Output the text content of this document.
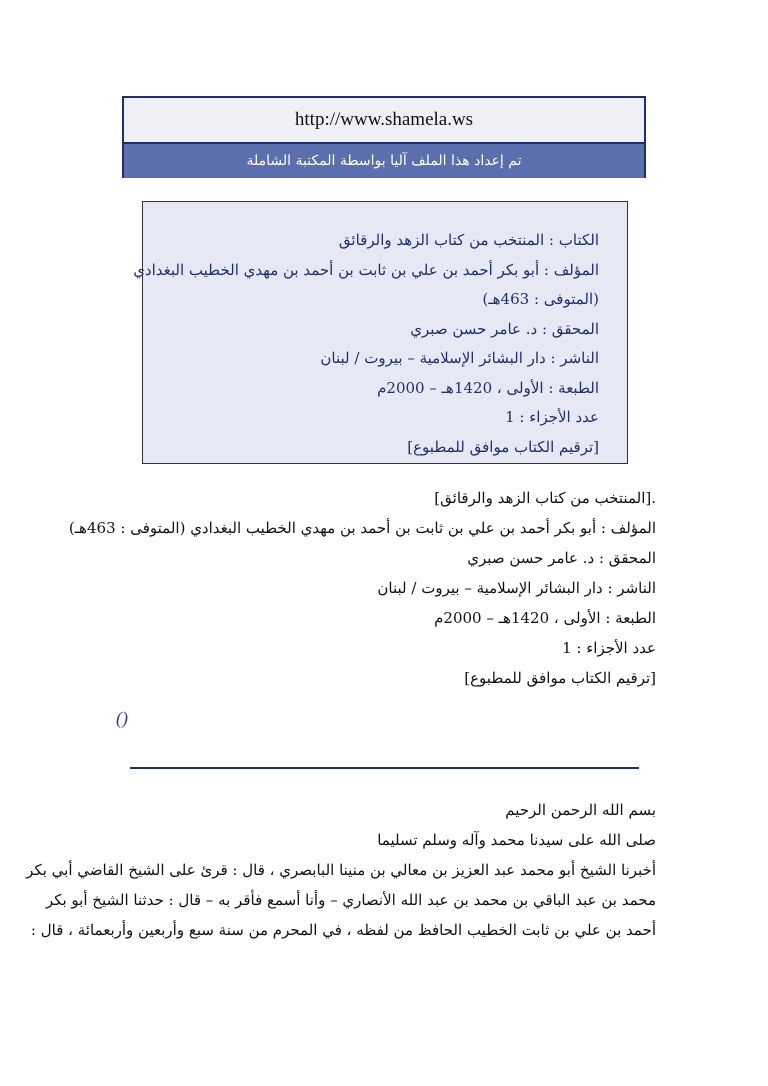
http://www.shamela.ws
تم إعداد هذا الملف آليا بواسطة المكتبة الشاملة
الكتاب : المنتخب من كتاب الزهد والرقائق
المؤلف : أبو بكر أحمد بن علي بن ثابت بن أحمد بن مهدي الخطيب البغدادي
(المتوفى : 463هـ)
المحقق : د. عامر حسن صبري
الناشر : دار البشائر الإسلامية – بيروت / لبنان
الطبعة : الأولى ، 1420هـ – 2000م
عدد الأجزاء : 1
[ترقيم الكتاب موافق للمطبوع]
.[المنتخب من كتاب الزهد والرقائق]
المؤلف : أبو بكر أحمد بن علي بن ثابت بن أحمد بن مهدي الخطيب البغدادي (المتوفى : 463هـ)
المحقق : د. عامر حسن صبري
الناشر : دار البشائر الإسلامية – بيروت / لبنان
الطبعة : الأولى ، 1420هـ – 2000م
عدد الأجزاء : 1
[ترقيم الكتاب موافق للمطبوع]
()
بسم الله الرحمن الرحيم
صلى الله على سيدنا محمد وآله وسلم تسليما
أخبرنا الشيخ أبو محمد عبد العزيز بن معالي بن منينا البابصري ، قال : قرئ على الشيخ القاضي أبي بكر
محمد بن عبد الباقي بن محمد بن عبد الله الأنصاري – وأنا أسمع فأقر به – قال : حدثنا الشيخ أبو بكر
أحمد بن علي بن ثابت الخطيب الحافظ من لفظه ، في المحرم من سنة سبع وأربعين وأربعمائة ، قال :
